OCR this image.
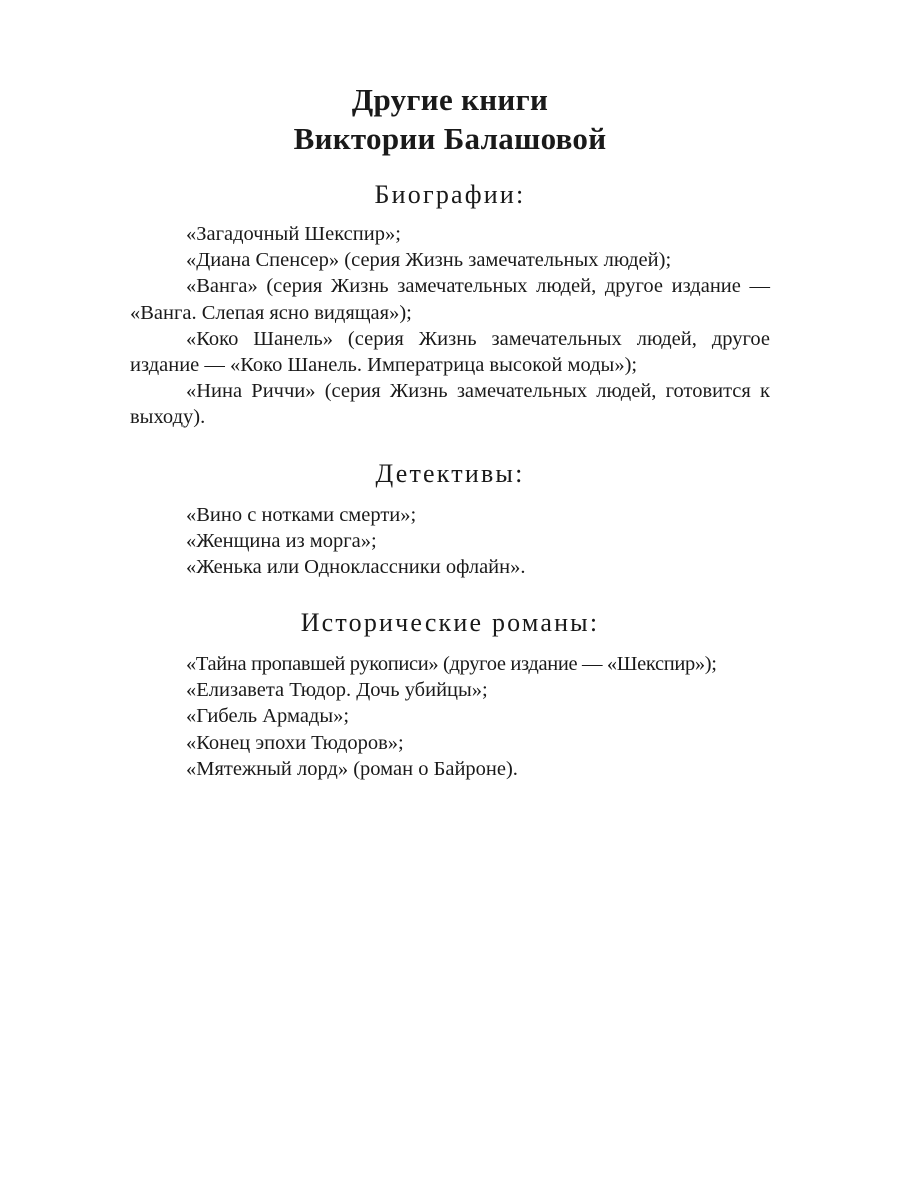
Другие книги
Виктории Балашовой
Биографии:

«Загадочный Шекспир»;

«Диана Спенсер» (серия Жизнь замечательных людей);

«Ванга» (серия Жизнь замечательных людей, другое издание — «Ванга. Слепая ясно видящая»);

«Коко Шанель» (серия Жизнь замечательных людей, другое издание — «Коко Шанель. Императрица высокой моды»);

«Нина Риччи» (серия Жизнь замечательных людей, готовится к выходу).

Детективы:

«Вино с нотками смерти»;

«Женщина из морга»;

«Женька или Одноклассники офлайн».

Исторические романы:

«Тайна пропавшей рукописи» (другое издание — «Шекспир»);

«Елизавета Тюдор. Дочь убийцы»;

«Гибель Армады»;

«Конец эпохи Тюдоров»;

«Мятежный лорд» (роман о Байроне).
